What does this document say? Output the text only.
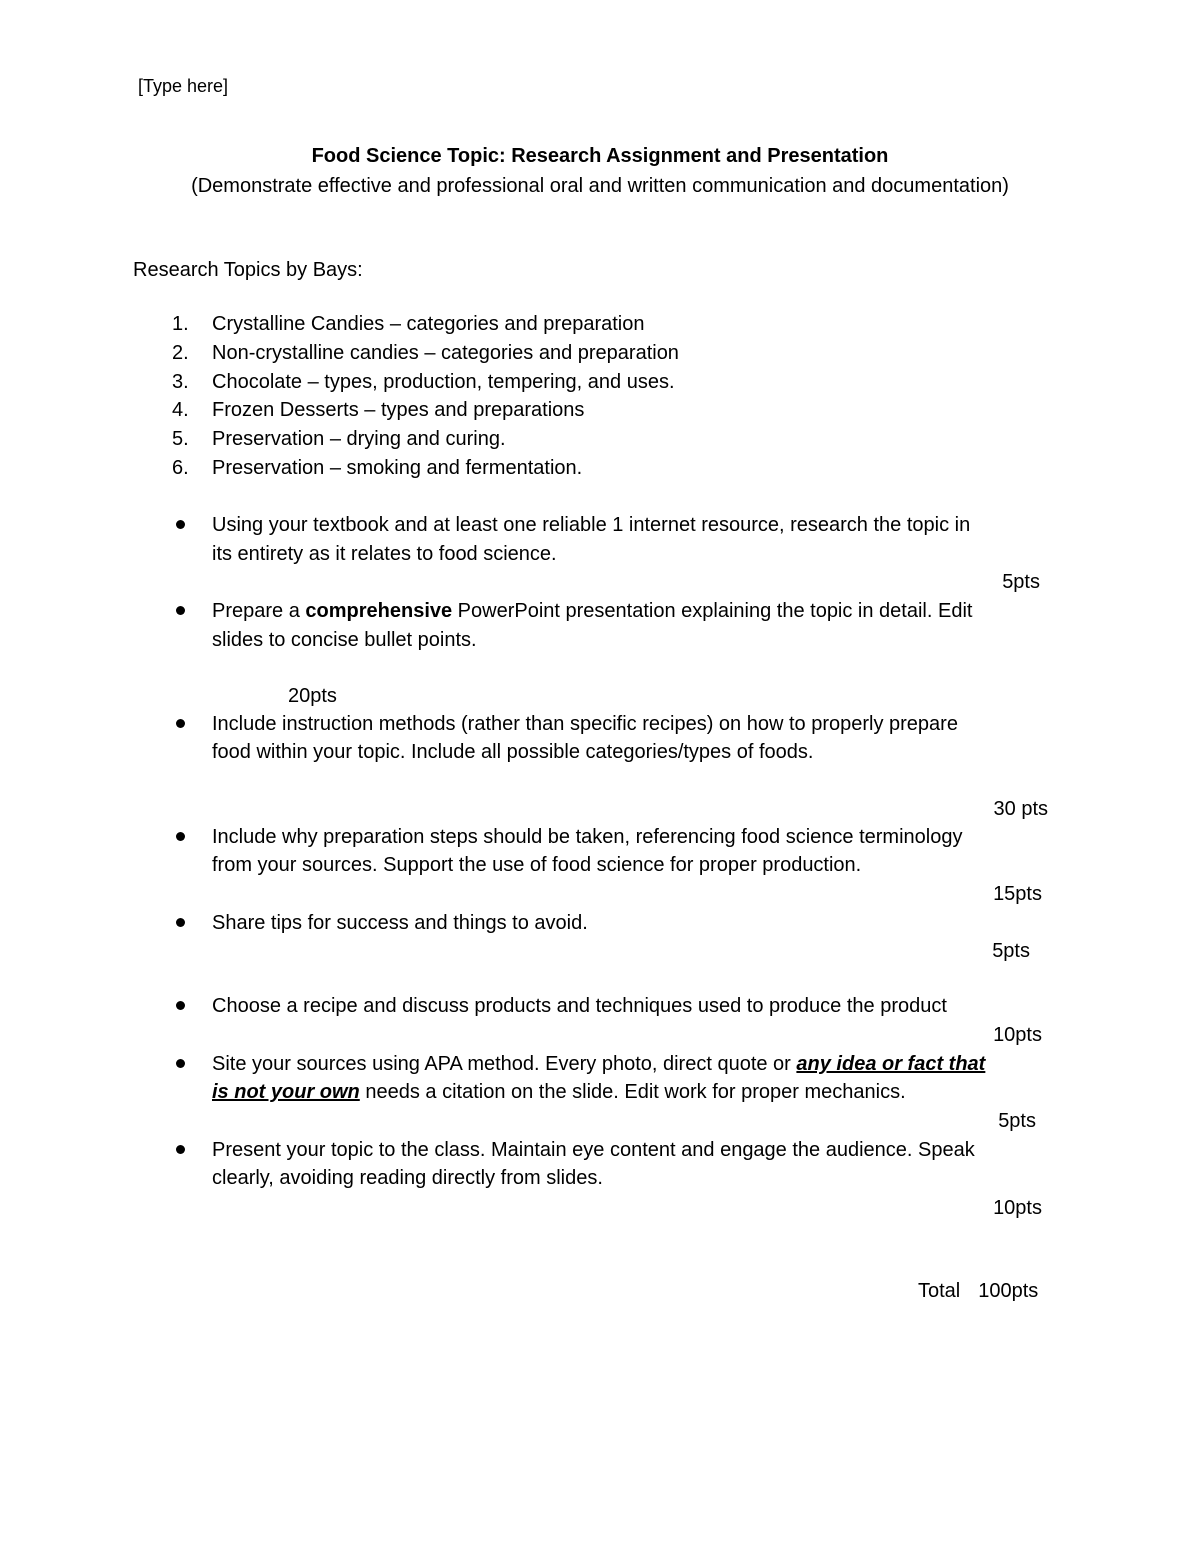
[Type here]
Food Science Topic: Research Assignment and Presentation
(Demonstrate effective and professional oral and written communication and documentation)
Research Topics by Bays:
1. Crystalline Candies – categories and preparation
2. Non-crystalline candies – categories and preparation
3. Chocolate – types, production, tempering, and uses.
4. Frozen Desserts – types and preparations
5. Preservation – drying and curing.
6. Preservation – smoking and fermentation.
Using your textbook and at least one reliable 1 internet resource, research the topic in
its entirety as it relates to food science.
5pts
Prepare a comprehensive PowerPoint presentation explaining the topic in detail. Edit
slides to concise bullet points.
20pts
Include instruction methods (rather than specific recipes) on how to properly prepare
food within your topic. Include all possible categories/types of foods.
30 pts
Include why preparation steps should be taken, referencing food science terminology
from your sources. Support the use of food science for proper production.
15pts
Share tips for success and things to avoid.
5pts
Choose a recipe and discuss products and techniques used to produce the product
10pts
Site your sources using APA method. Every photo, direct quote or any idea or fact that
is not your own needs a citation on the slide. Edit work for proper mechanics.
5pts
Present your topic to the class. Maintain eye content and engage the audience. Speak
clearly, avoiding reading directly from slides.
10pts
Total 100pts
